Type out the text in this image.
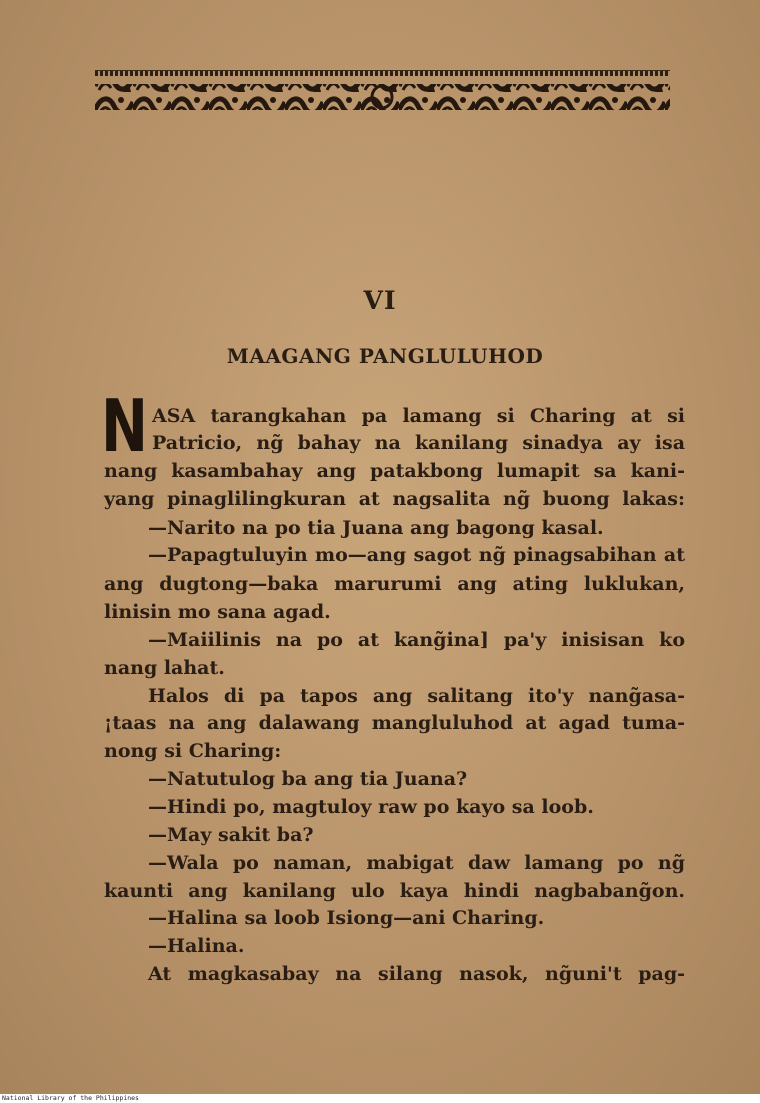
VI
MAAGANG PANGLULUHOD
N ASA tarangkahan pa lamang si Charing at si
Patricio, ng̃ bahay na kanilang sinadya ay isa
nang kasambahay ang patakbong lumapit sa kani-
yang pinaglilingkuran at nagsalita ng̃ buong lakas:
—Narito na po tia Juana ang bagong kasal.
—Papagtuluyin mo—ang sagot ng̃ pinagsabihan at
ang dugtong—baka marurumi ang ating luklukan,
linisin mo sana agad.
—Maiilinis na po at kang̃ina] pa'y inisisan ko
nang lahat.
Halos di pa tapos ang salitang ito'y nang̃asa-
¡taas na ang dalawang mangluluhod at agad tuma-
nong si Charing:
—Natutulog ba ang tia Juana?
—Hindi po, magtuloy raw po kayo sa loob.
—May sakit ba?
—Wala po naman, mabigat daw lamang po ng̃
kaunti ang kanilang ulo kaya hindi nagbabang̃on.
—Halina sa loob Isiong—ani Charing.
—Halina.
At magkasabay na silang nasok, ng̃uni't pag-
National Library of the Philippines
